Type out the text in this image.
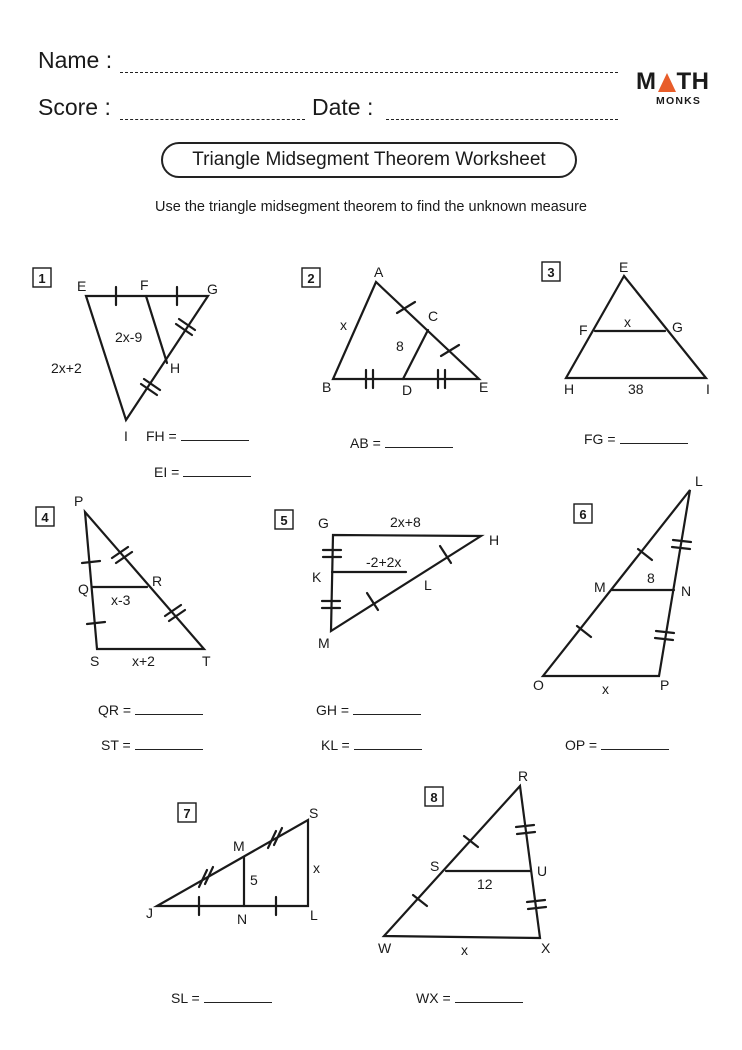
Name :
Score :	Date :
M TH
MONKS
Triangle Midsegment Theorem Worksheet
Use the triangle midsegment theorem to find the unknown measure
1	2	3
4	5	6
7
8
E	F	G
H
I
2x-9
2x+2
A
B
C
D	E
x
8
E
F	G
H	I
x
38
P
Q	R
S	T
x-3
x+2
G
H
K	L
M
2x+8
-2+2x
L
M	N
O	P
8
x
S
M
J	N	L
5
x
R
S	U
W	X
12
x
FH =
EI =
AB =	FG =
QR =
ST =
GH =
KL =	OP =
SL =	WX =
